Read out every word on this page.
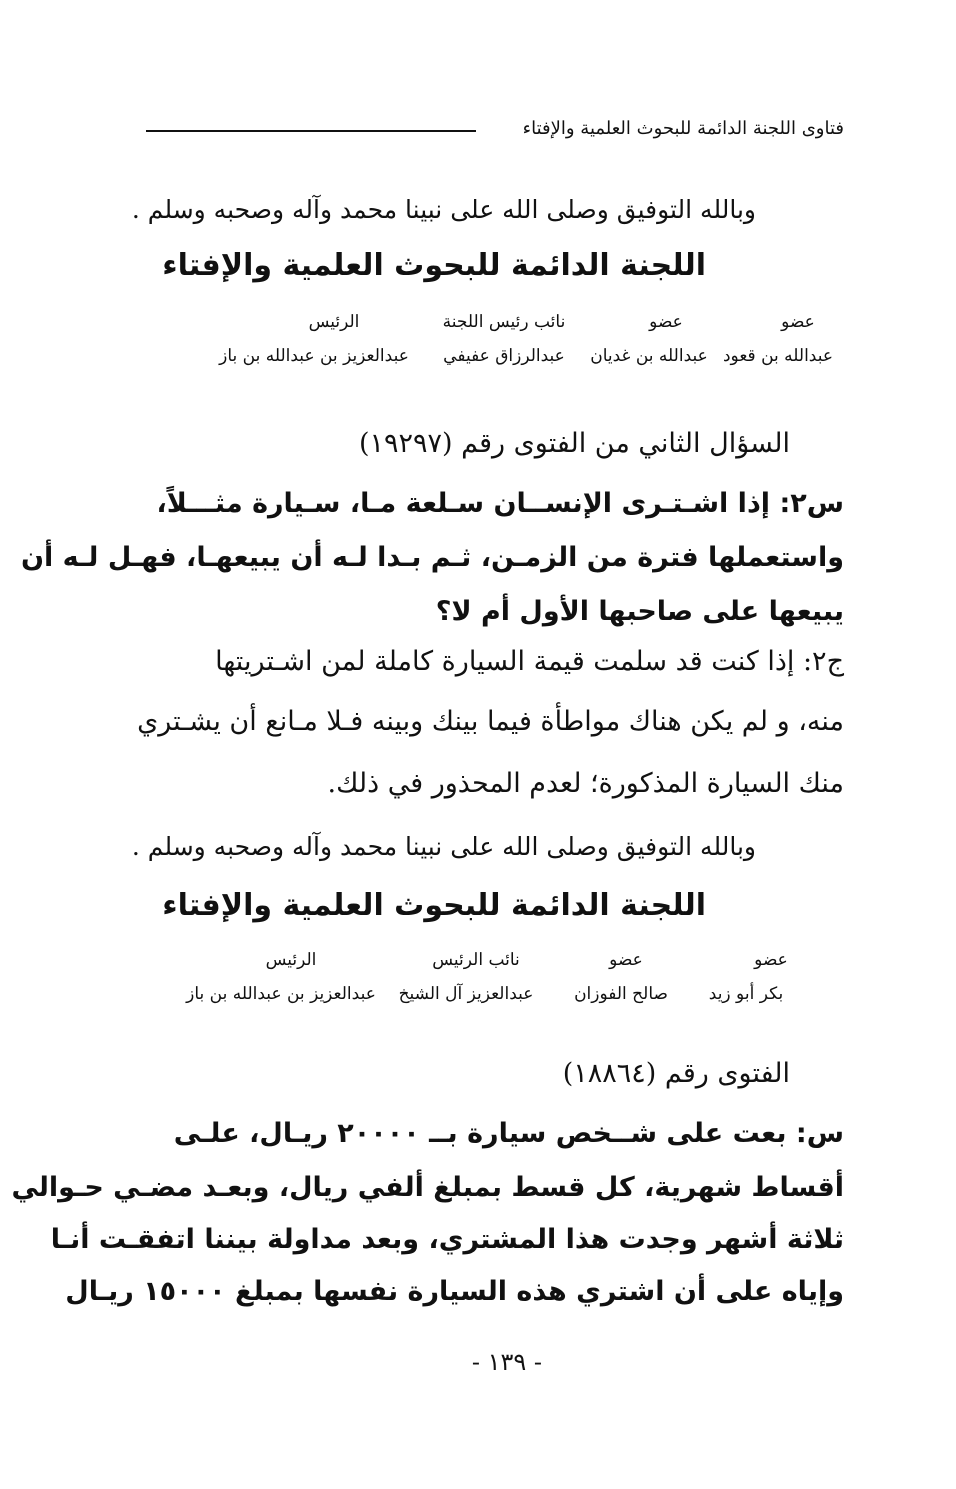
فتاوى اللجنة الدائمة للبحوث العلمية والإفتاء
وبالله التوفيق وصلى الله على نبينا محمد وآله وصحبه وسلم .
اللجنة الدائمة للبحوث العلمية والإفتاء
عضو
عبدالله بن قعود
عضو
عبدالله بن غديان
نائب رئيس اللجنة
عبدالرزاق عفيفي
الرئيس
عبدالعزيز بن عبدالله بن باز
السؤال الثاني من الفتوى رقم (١٩٢٩٧)
س٢: إذا اشـتـرى الإنســان سـلعة مـا، سـيارة مثـــلاً،
واستعملها فترة من الزمـن، ثـم بـدا لـه أن يبيعهـا، فهـل لـه أن
يبيعها على صاحبها الأول أم لا؟
ج٢: إذا كنت قد سلمت قيمة السيارة كاملة لمن اشـتريتها
منه، و لم يكن هناك مواطأة فيما بينك وبينه فـلا مـانع أن يشـتري
منك السيارة المذكورة؛ لعدم المحذور في ذلك.
وبالله التوفيق وصلى الله على نبينا محمد وآله وصحبه وسلم .
اللجنة الدائمة للبحوث العلمية والإفتاء
عضو
بكر أبو زيد
عضو
صالح الفوزان
نائب الرئيس
عبدالعزيز آل الشيخ
الرئيس
عبدالعزيز بن عبدالله بن باز
الفتوى رقم (١٨٨٦٤)
س: بعت على شــخص سيارة بــ ٢٠٠٠٠ ريـال، علـى
أقساط شهرية، كل قسط بمبلغ ألفي ريال، وبعـد مضـي حـوالي
ثلاثة أشهر وجدت هذا المشتري، وبعد مداولة بيننا اتفقـت أنـا
وإياه على أن اشتري هذه السيارة نفسها بمبلغ ١٥٠٠٠ ريـال
- ١٣٩ -
